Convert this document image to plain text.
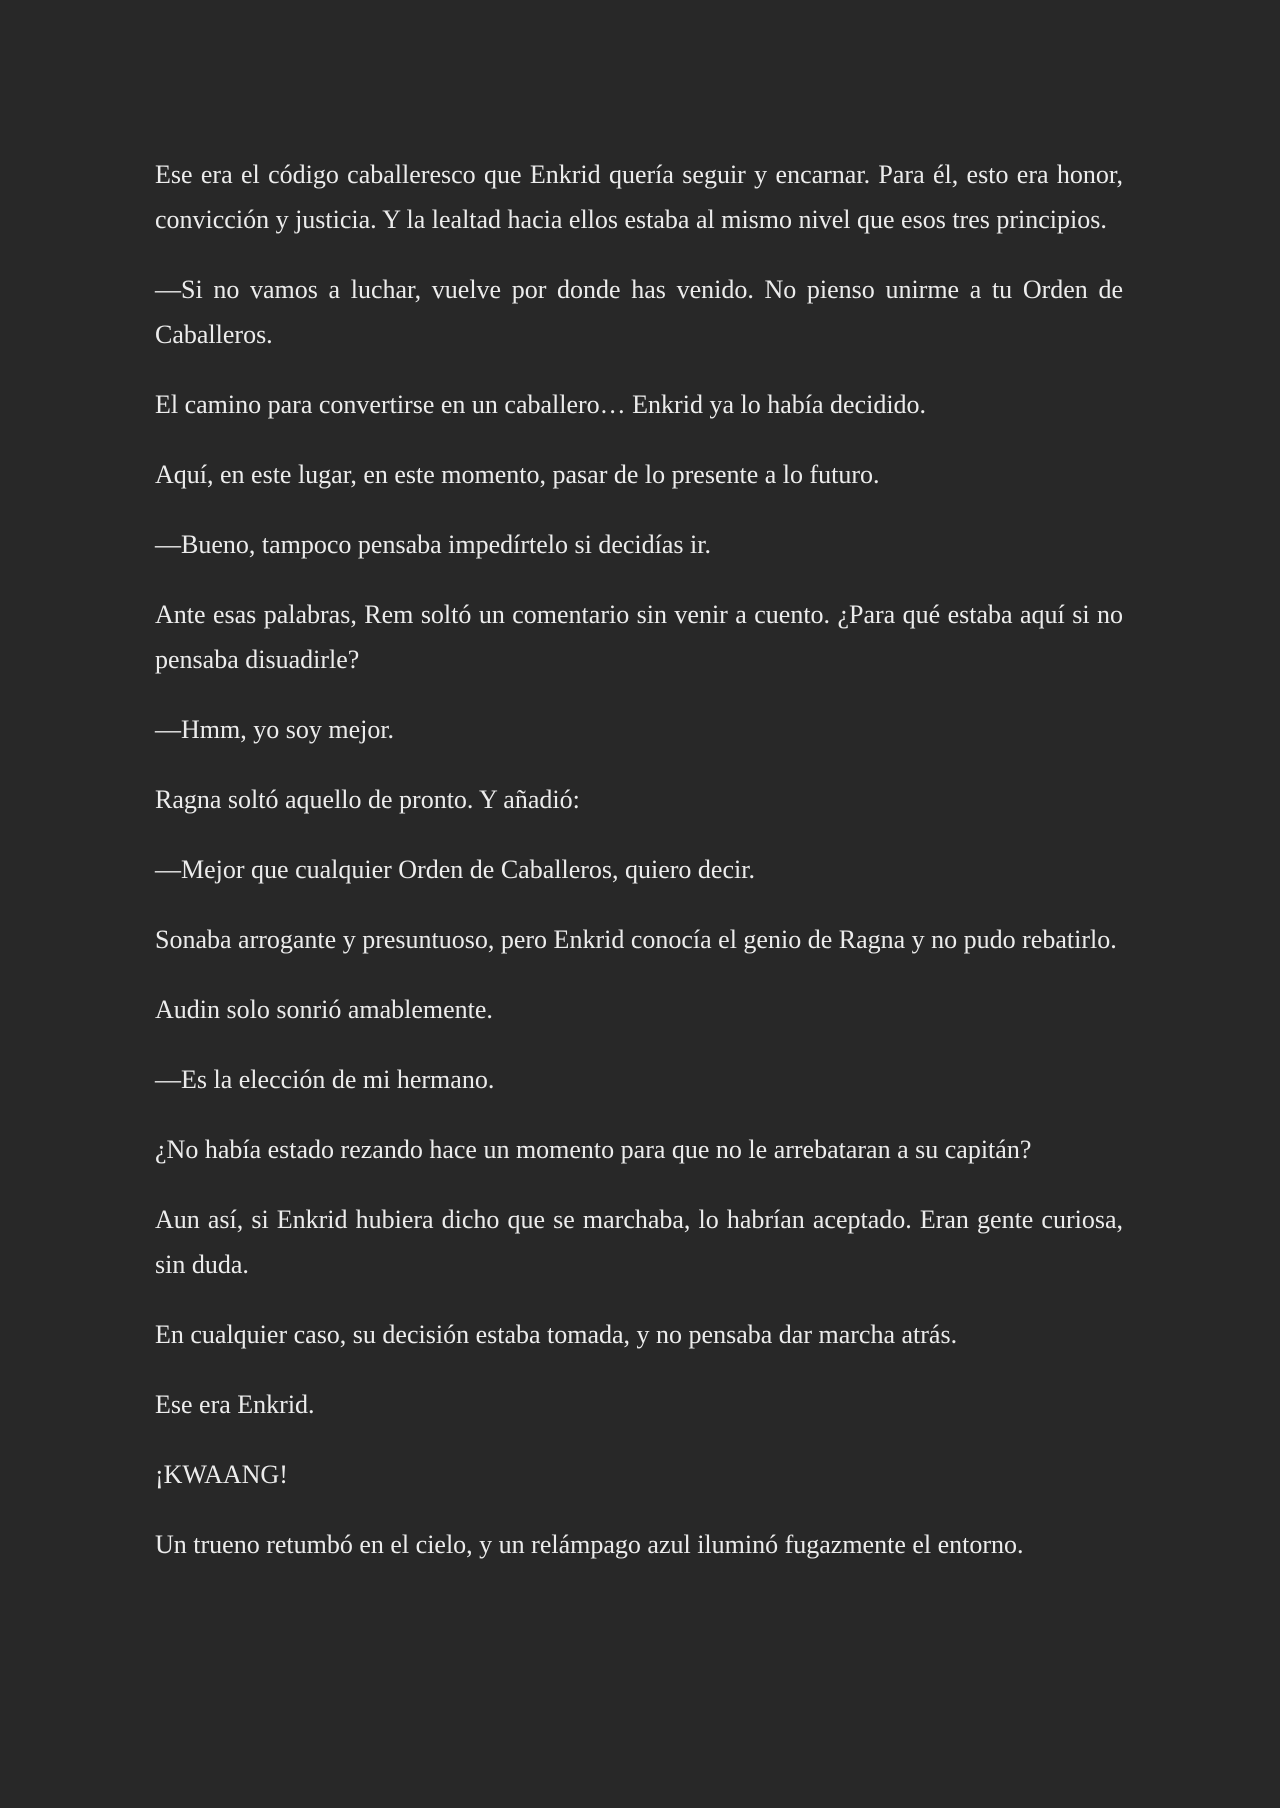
Ese era el código caballeresco que Enkrid quería seguir y encarnar. Para él, esto era honor, convicción y justicia. Y la lealtad hacia ellos estaba al mismo nivel que esos tres principios.

—Si no vamos a luchar, vuelve por donde has venido. No pienso unirme a tu Orden de Caballeros.

El camino para convertirse en un caballero… Enkrid ya lo había decidido.

Aquí, en este lugar, en este momento, pasar de lo presente a lo futuro.

—Bueno, tampoco pensaba impedírtelo si decidías ir.

Ante esas palabras, Rem soltó un comentario sin venir a cuento. ¿Para qué estaba aquí si no pensaba disuadirle?

—Hmm, yo soy mejor.

Ragna soltó aquello de pronto. Y añadió:

—Mejor que cualquier Orden de Caballeros, quiero decir.

Sonaba arrogante y presuntuoso, pero Enkrid conocía el genio de Ragna y no pudo rebatirlo.

Audin solo sonrió amablemente.

—Es la elección de mi hermano.

¿No había estado rezando hace un momento para que no le arrebataran a su capitán?

Aun así, si Enkrid hubiera dicho que se marchaba, lo habrían aceptado. Eran gente curiosa, sin duda.

En cualquier caso, su decisión estaba tomada, y no pensaba dar marcha atrás.

Ese era Enkrid.

¡KWAANG!

Un trueno retumbó en el cielo, y un relámpago azul iluminó fugazmente el entorno.
